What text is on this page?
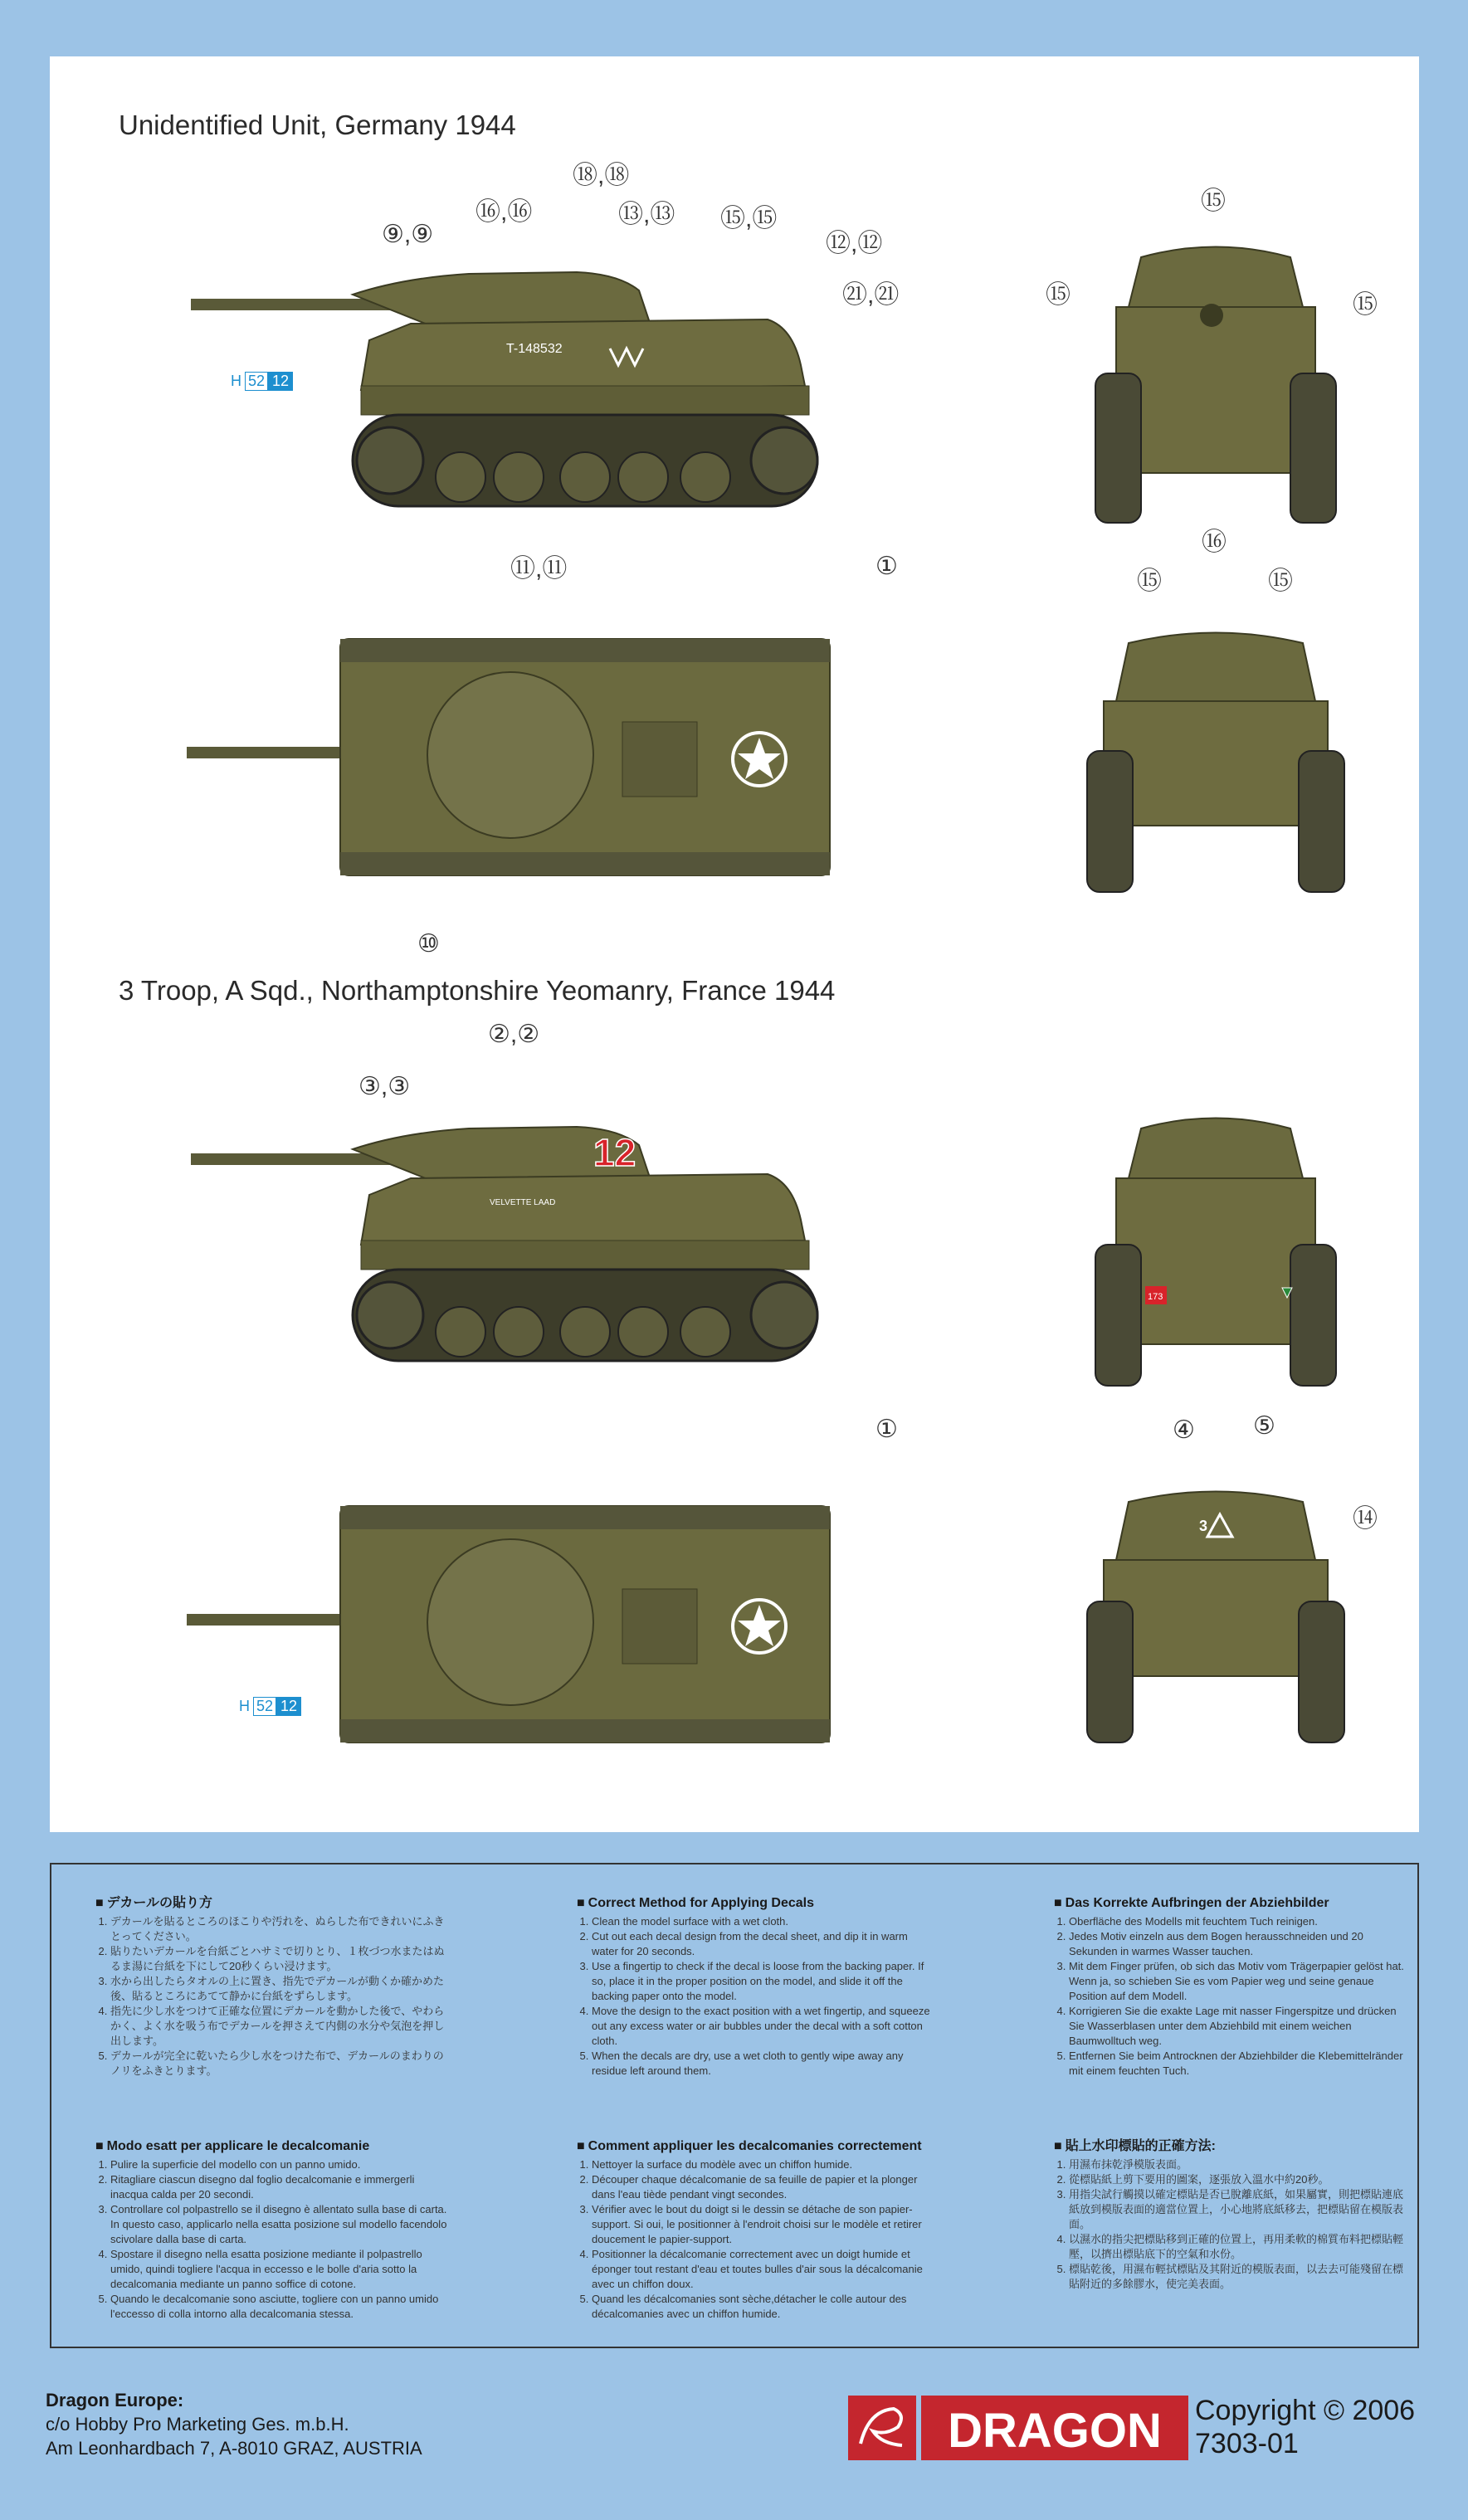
Unidentified Unit, Germany 1944
⑨,⑨
⑯,⑯
⑱,⑱
⑬,⑬ ⑮,⑮
⑫,⑫
㉑,㉑
⑪,⑪	①
⑩
⑮
⑮	⑮
⑮	⑮
⑯
H 52 12
T-148532
W2
3 Troop, A Sqd., Northamptonshire Yeomanry, France 1944
②,②
③,③
①	④ ⑤
⑭
H 52 12
12
VELVETTE LAAD
173
3
■ デカールの貼り方
1. デカールを貼るところのほこりや汚れを、ぬらした布できれいにふきとってください。
2. 貼りたいデカールを台紙ごとハサミで切りとり、１枚づつ水またはぬるま湯に台紙を下にして20秒くらい浸けます。
3. 水から出したらタオルの上に置き、指先でデカールが動くか確かめた後、貼るところにあてて静かに台紙をずらします。
4. 指先に少し水をつけて正確な位置にデカールを動かした後で、やわらかく、よく水を吸う布でデカールを押さえて内側の水分や気泡を押し出します。
5. デカールが完全に乾いたら少し水をつけた布で、デカールのまわりのノリをふきとります。
■ Correct Method for Applying Decals
1. Clean the model surface with a wet cloth.
2. Cut out each decal design from the decal sheet, and dip it in warm water for 20 seconds.
3. Use a fingertip to check if the decal is loose from the backing paper. If so, place it in the proper position on the model, and slide it off the backing paper onto the model.
4. Move the design to the exact position with a wet fingertip, and squeeze out any excess water or air bubbles under the decal with a soft cotton cloth.
5. When the decals are dry, use a wet cloth to gently wipe away any residue left around them.
■ Das Korrekte Aufbringen der Abziehbilder
1. Oberfläche des Modells mit feuchtem Tuch reinigen.
2. Jedes Motiv einzeln aus dem Bogen herausschneiden und 20 Sekunden in warmes Wasser tauchen.
3. Mit dem Finger prüfen, ob sich das Motiv vom Trägerpapier gelöst hat. Wenn ja, so schieben Sie es vom Papier weg und seine genaue Position auf dem Modell.
4. Korrigieren Sie die exakte Lage mit nasser Fingerspitze und drücken Sie Wasserblasen unter dem Abziehbild mit einem weichen Baumwolltuch weg.
5. Entfernen Sie beim Antrocknen der Abziehbilder die Klebemittelränder mit einem feuchten Tuch.
■ Modo esatt per applicare le decalcomanie
1. Pulire la superficie del modello con un panno umido.
2. Ritagliare ciascun disegno dal foglio decalcomanie e immergerli inacqua calda per 20 secondi.
3. Controllare col polpastrello se il disegno è allentato sulla base di carta. In questo caso, applicarlo nella esatta posizione sul modello facendolo scivolare dalla base di carta.
4. Spostare il disegno nella esatta posizione mediante il polpastrello umido, quindi togliere l'acqua in eccesso e le bolle d'aria sotto la decalcomania mediante un panno soffice di cotone.
5. Quando le decalcomanie sono asciutte, togliere con un panno umido l'eccesso di colla intorno alla decalcomania stessa.
■ Comment appliquer les decalcomanies correctement
1. Nettoyer la surface du modèle avec un chiffon humide.
2. Découper chaque décalcomanie de sa feuille de papier et la plonger dans l'eau tiède pendant vingt secondes.
3. Vérifier avec le bout du doigt si le dessin se détache de son papier-support. Si oui, le positionner à l'endroit choisi sur le modèle et retirer doucement le papier-support.
4. Positionner la décalcomanie correctement avec un doigt humide et éponger tout restant d'eau et toutes bulles d'air sous la décalcomanie avec un chiffon doux.
5. Quand les décalcomanies sont sèche,détacher le colle autour des décalcomanies avec un chiffon humide.
■ 貼上水印標貼的正確方法:
1. 用濕布抹乾淨模版表面。
2. 從標貼紙上剪下要用的圖案，逐張放入溫水中約20秒。
3. 用指尖試行觸摸以確定標貼是否已脫離底紙，如果屬實，則把標貼連底紙放到模版表面的適當位置上，小心地將底紙移去，把標貼留在模版表面。
4. 以濕水的指尖把標貼移到正確的位置上，再用柔軟的棉質布料把標貼輕壓，以擠出標貼底下的空氣和水份。
5. 標貼乾後，用濕布輕拭標貼及其附近的模版表面，以去去可能殘留在標貼附近的多餘膠水，使完美表面。
Dragon Europe:
c/o Hobby Pro Marketing Ges. m.b.H.
Am Leonhardbach 7, A-8010 GRAZ, AUSTRIA	DRAGON Copyright © 2006
7303-01
